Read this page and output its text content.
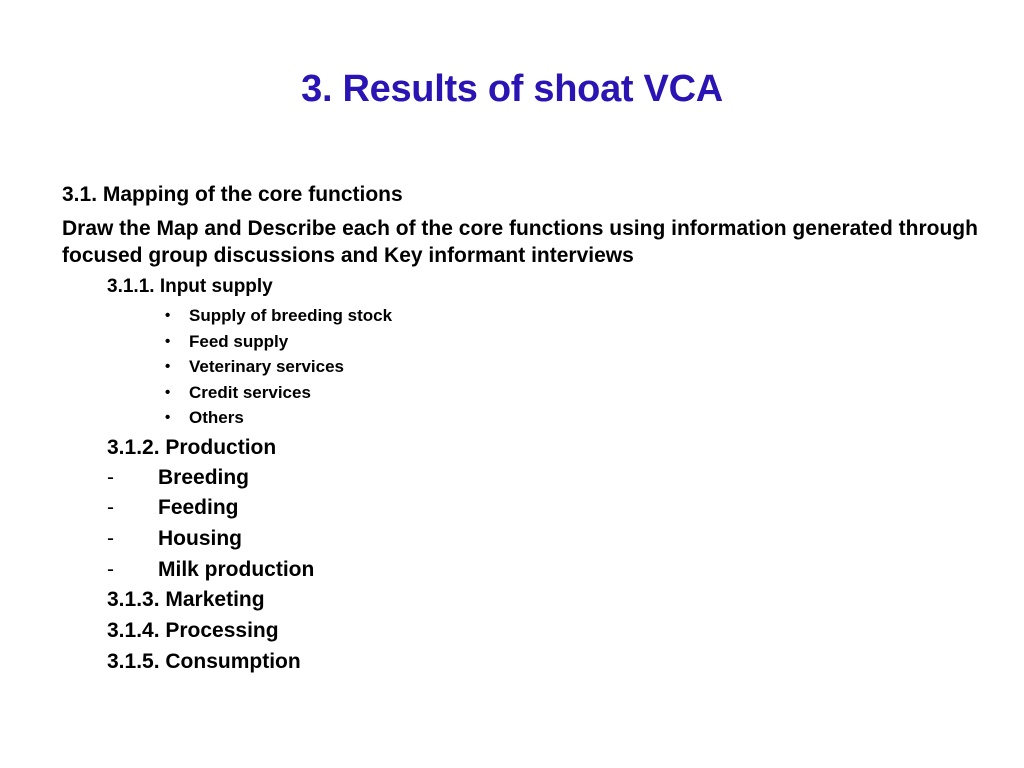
3. Results of shoat VCA

3.1. Mapping of the core functions

Draw the Map and Describe each of the core functions using information generated through focused group discussions and Key informant interviews

3.1.1. Input supply
• Supply of breeding stock
• Feed supply
• Veterinary services
• Credit services
• Others
3.1.2. Production
- Breeding
- Feeding
- Housing
- Milk production
3.1.3. Marketing
3.1.4. Processing
3.1.5. Consumption
